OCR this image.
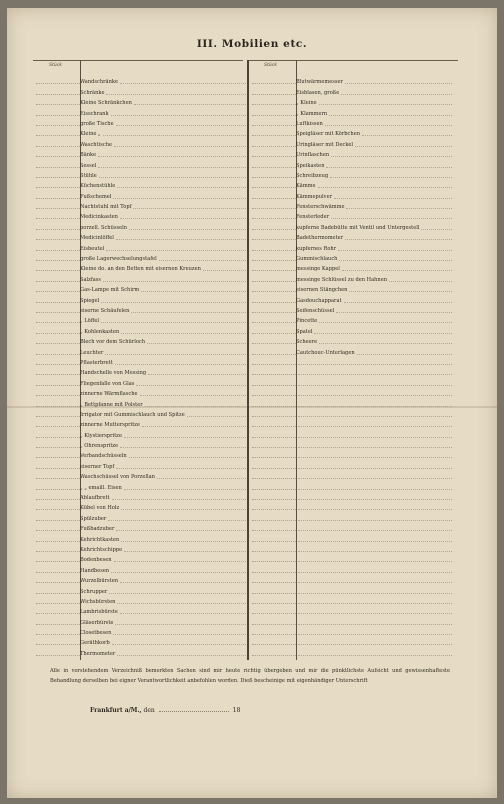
III. Mobilien etc.
Stück	Stück
Wandschränke
Schränke
Kleine Schränkchen
Eisschrank
große Tische
Kleine „
Waschtische
Bänke
Sessel
Stühle
Küchenstühle
Fußschemel
Nachtstuhl mit Topf
Medicinkasten
porzell. Schüsseln
Medicinlöffel
Eisbeutel
große Lagerwechselungstafel
Kleine do. an den Betten mit eisernen Kreuzen
Salzfass
Gas-Lampe mit Schirm
Spiegel
eiserne Schäufelen
„ Löffel
„ Kohlenkasten
Blech vor dem Schürloch
Leuchter
Pflasterbrett
Handschelle von Messing
Fliegenfalle von Glas
zinnerne Wärmflasche
„ Bettpfanne mit Polster
Irrigator mit Gummischlauch und Spitze
zinnerne Mutterspritze
„ Klystierspritze
„ Ohrenspritze
Verbandschüsseln
eiserner Topf
Waschschüssel von Porzellan
„ „ emaill. Eisen
Ablaufbrett
Kübel von Holz
Spülzuber
Fußbadzuber
Kehrichtkasten
Kehrichtschippe
Bodenbesen
Handbesen
Wurzelbürsten
Schrupper
Wichsbürsten
Lambrisbürste
Gläserbürste
Closetbesen
Geräthkorb
Thermometer
Blutwärmemesser
Eisblasen, große
„ Kleine
„ Klammern
Luftkissen
Speigläser mit Körbchen
Uringläser mit Deckel
Urinflaschen
Speikasten
Schreibzeug
Kämme
Kämmepulver
Fensterschwämme
Fensterleder
kupferne Badebütte mit Ventil und Untergestell
Badethermometer
kupfernes Rohr
Gummischlauch
messinge Kappel
messinge Schlüssel zu den Hahnen
eisernen Stängchen
Gasdouchapparat
Seifenschüssel
Pincette
Spatel
Scheere
Cautchouc-Unterlagen
Alle in vorstehendem Verzeichniß bemerkten Sachen sind mir heute richtig übergeben und mir die pünktlichste Aufsicht und gewissenhafteste Behandlung derselben bei eigner Verantwortlichkeit anbefohlen worden. Dieß bescheinige mit eigenhändiger Unterschrift
Frankfurt a/M., den	18
